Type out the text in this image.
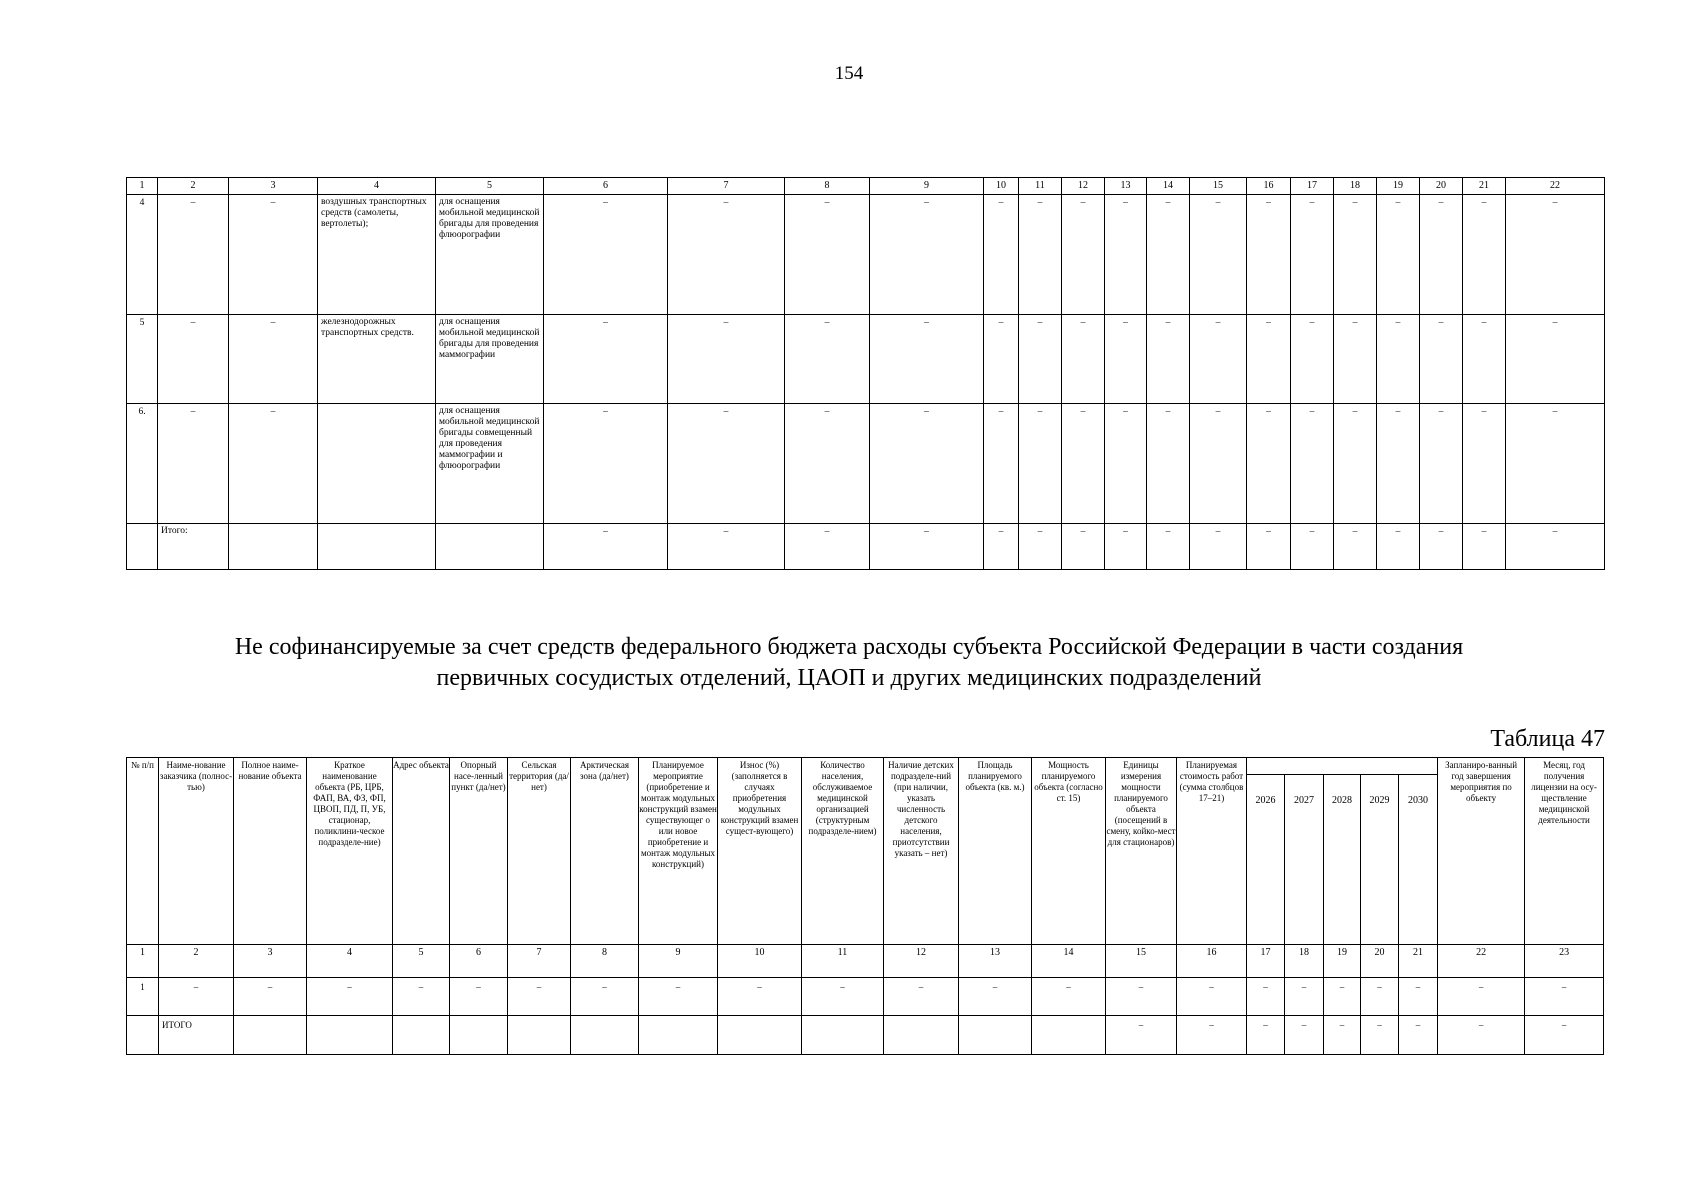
154
1	2	3	4	5	6	7	8	9	10	11	12	13	14	15	16	17	18	19	20	21	22
4	–	–	воздушных транспортных средств (самолеты, вертолеты);	для оснащения мобильной медицинской бригады для проведения флюорографии	–	–	–	–	–	–	–	–	–	–	–	–	–	–	–	–	–
5	–	–	железнодорожных транспортных средств.	для оснащения мобильной медицинской бригады для проведения маммографии	–	–	–	–	–	–	–	–	–	–	–	–	–	–	–	–	–
6.	–	–		для оснащения мобильной медицинской бригады совмещенный для проведения маммографии и флюорографии	–	–	–	–	–	–	–	–	–	–	–	–	–	–	–	–	–
	Итого:				–	–	–	–	–	–	–	–	–	–	–	–	–	–	–	–	–
Не софинансируемые за счет средств федерального бюджета расходы субъекта Российской Федерации в части создания
первичных сосудистых отделений, ЦАОП и других медицинских подразделений
Таблица 47
№ п/п	Наиме-нование заказчика (полнос-тью)	Полное наиме-нование объекта	Краткое наименование объекта (РБ, ЦРБ, ФАП, ВА, ФЗ, ФП, ЦВОП, ПД, П, УБ, стационар, поликлини-ческое подразделе-ние)	Адрес объекта	Опорный насе-ленный пункт (да/нет)	Сельская территория (да/нет)	Арктическая зона (да/нет)	Планируемое мероприятие (приобретение и монтаж модульных конструкций взамен существующег о или новое приобретение и монтаж модульных конструкций)	Износ (%) (заполняется в случаях приобретения модульных конструкций взамен сущест-вующего)	Количество населения, обслуживаемое медицинской организацией (структурным подразделе-нием)	Наличие детских подразделе-ний (при наличии, указать численность детского населения, приотсутствии указать – нет)	Площадь планируемого объекта (кв. м.)	Мощность планируемого объекта (согласно ст. 15)	Единицы измерения мощности планируемого объекта (посещений в смену, койко-мест для стационаров)	Планируемая стоимость работ (сумма столбцов 17–21)						Запланиро-ванный год завершения мероприятия по объекту	Месяц, год получения лицензии на осу-ществление медицинской деятельности
																2026	2027	2028	2029	2030		
1	2	3	4	5	6	7	8	9	10	11	12	13	14	15	16	17	18	19	20	21	22	23
1	–	–	–	–	–	–	–	–	–	–	–	–	–	–	–	–	–	–	–	–	–	–
	ИТОГО													–	–	–	–	–	–	–	–	–
